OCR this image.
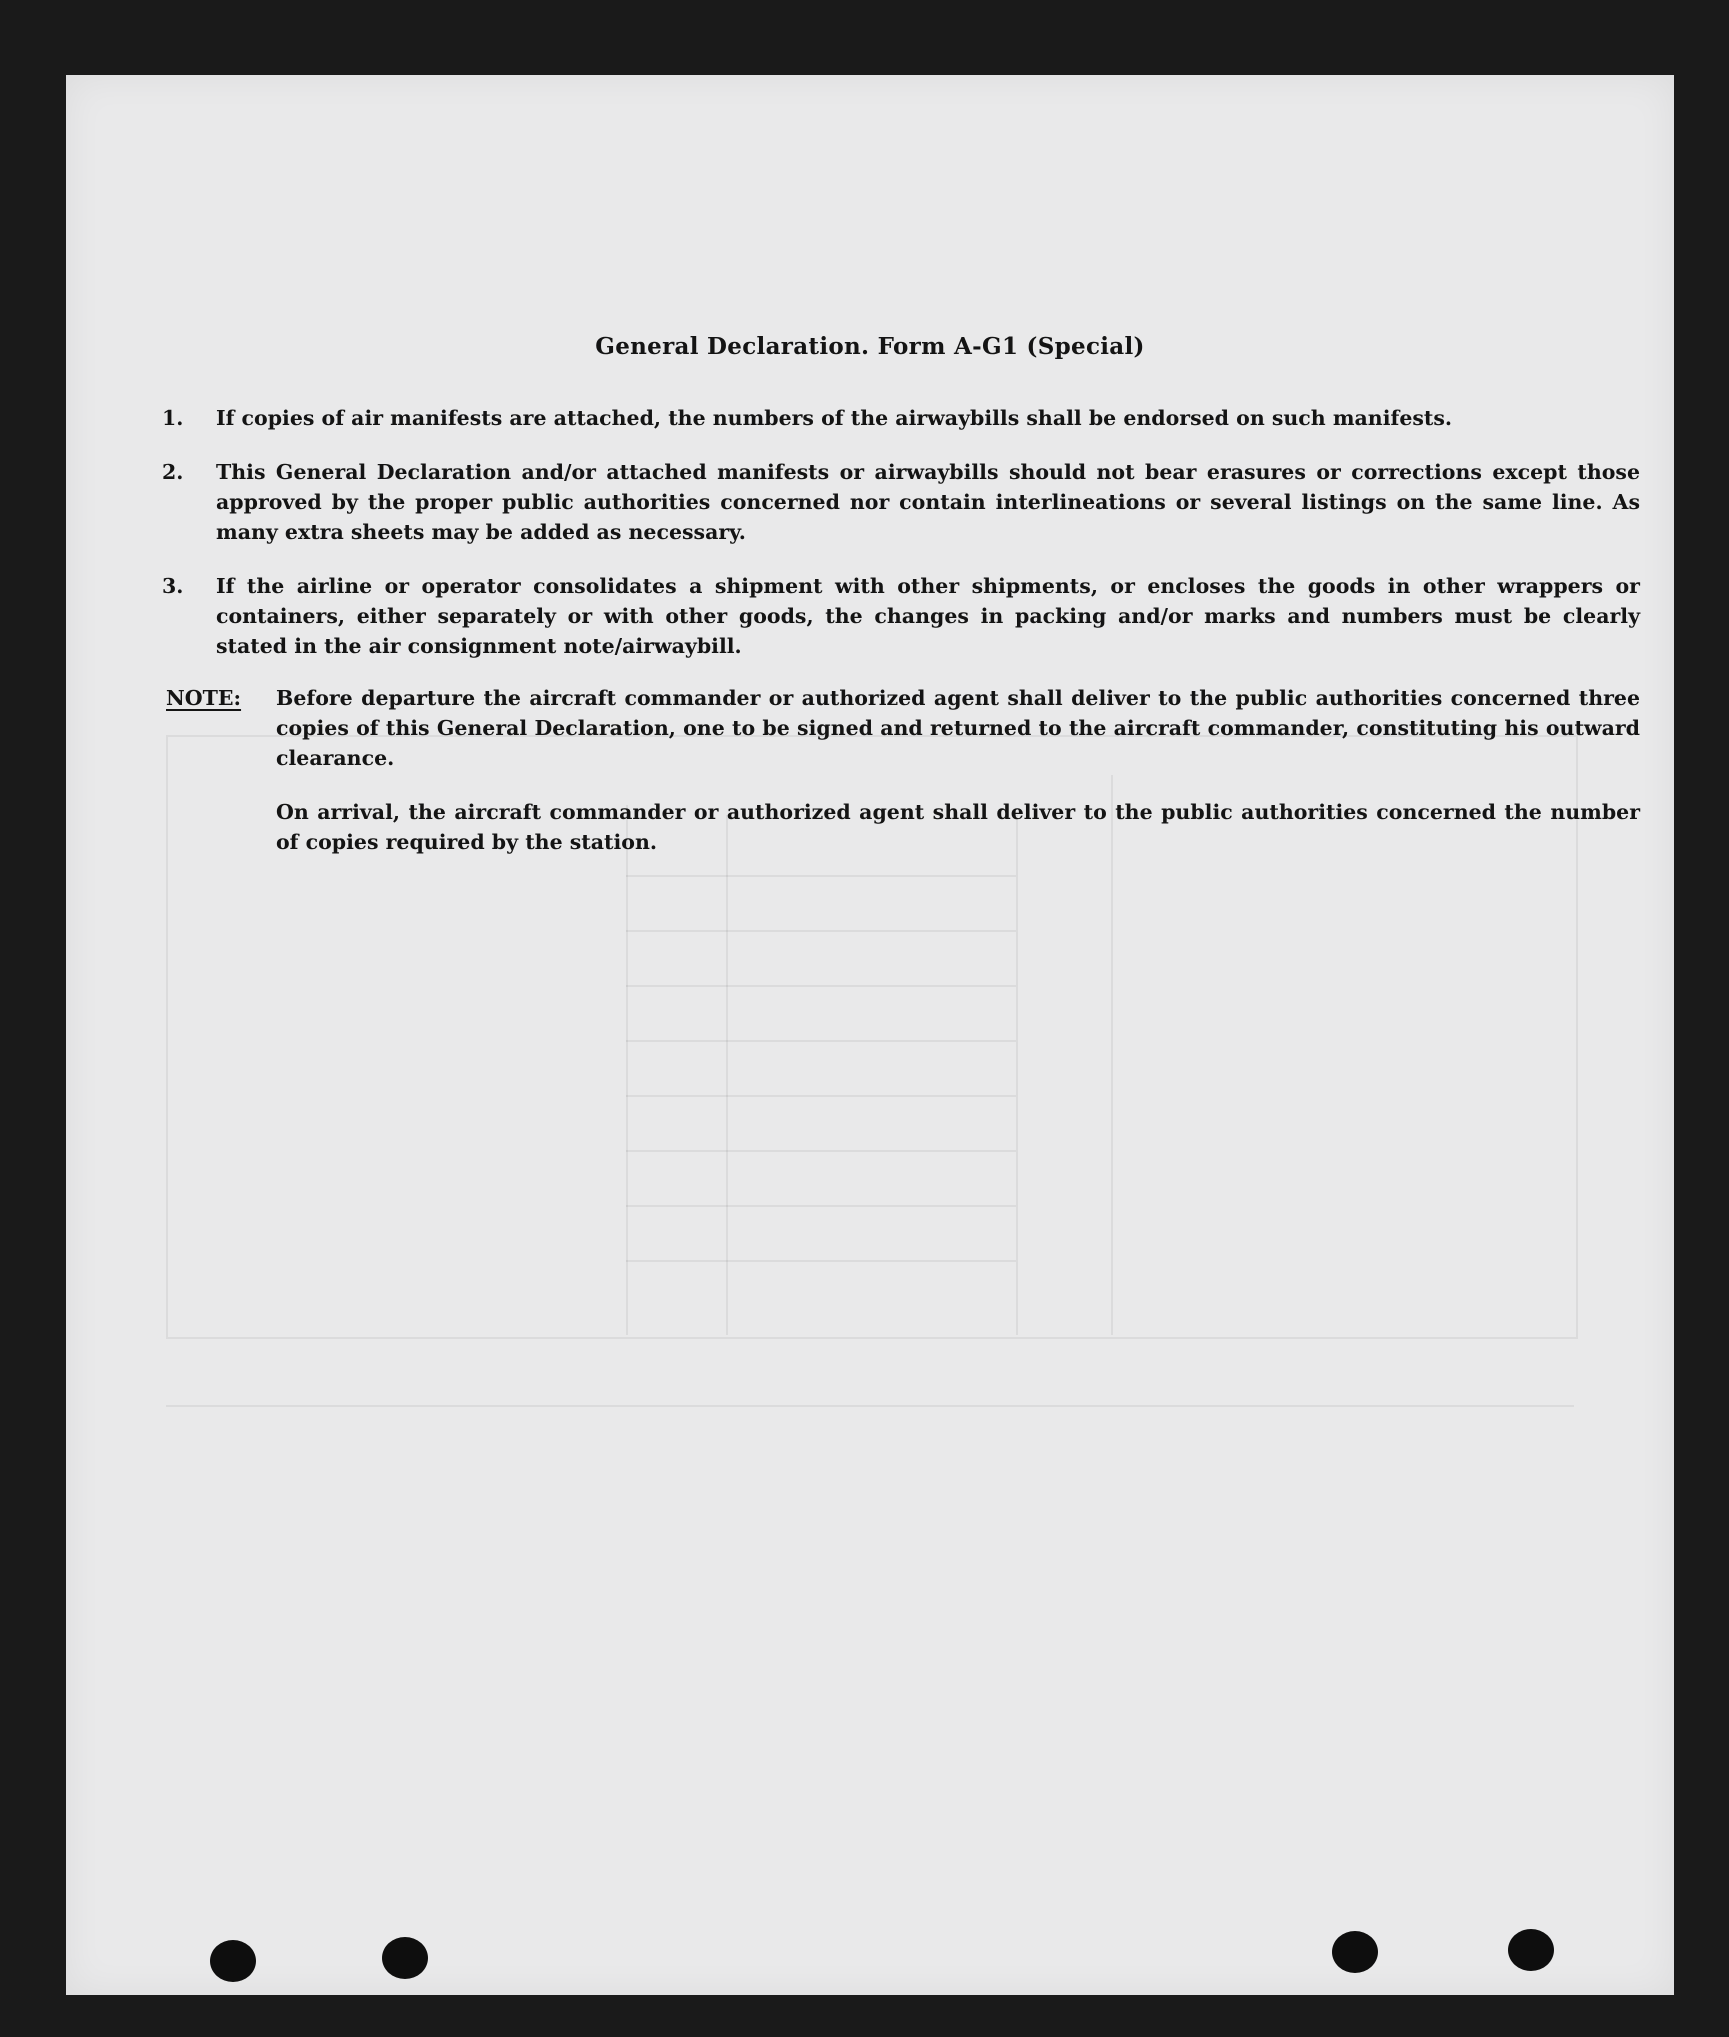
General Declaration. Form A-G1 (Special)
1.	If copies of air manifests are attached, the numbers of the airwaybills shall be endorsed on such manifests.
2.	This General Declaration and/or attached manifests or airwaybills should not bear erasures or corrections except those approved by the proper public authorities concerned nor contain interlineations or several listings on the same line. As many extra sheets may be added as necessary.
3.	If the airline or operator consolidates a shipment with other shipments, or encloses the goods in other wrappers or containers, either separately or with other goods, the changes in packing and/or marks and numbers must be clearly stated in the air consignment note/airwaybill.
NOTE: Before departure the aircraft commander or authorized agent shall deliver to the public authorities concerned three copies of this General Declaration, one to be signed and returned to the aircraft commander, constituting his outward clearance.
On arrival, the aircraft commander or authorized agent shall deliver to the public authorities concerned the number of copies required by the station.
